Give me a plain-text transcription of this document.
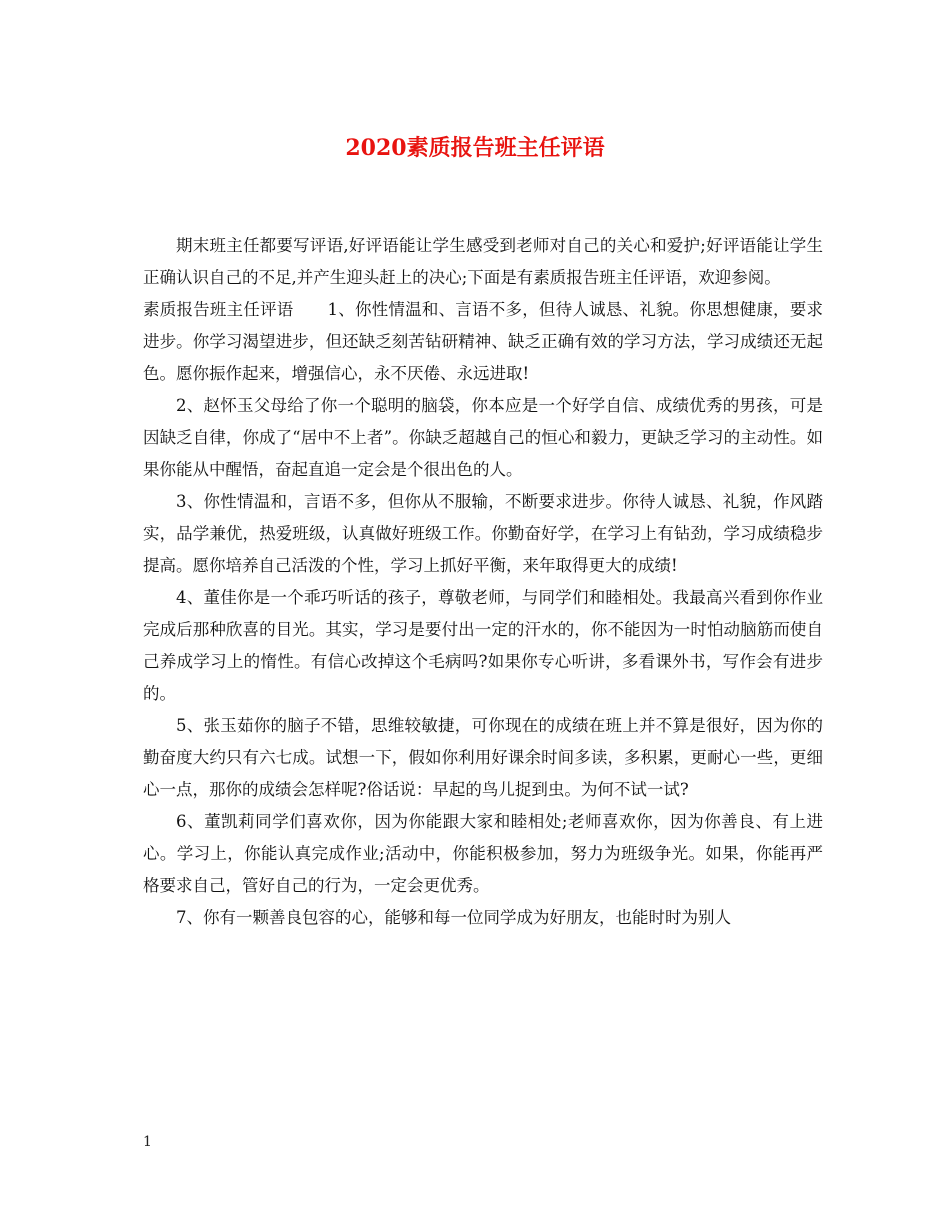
2020素质报告班主任评语

期末班主任都要写评语,好评语能让学生感受到老师对自己的关心和爱护;好评语能让学生正确认识自己的不足,并产生迎头赶上的决心;下面是有素质报告班主任评语，欢迎参阅。

素质报告班主任评语 1、你性情温和、言语不多，但待人诚恳、礼貌。你思想健康，要求进步。你学习渴望进步，但还缺乏刻苦钻研精神、缺乏正确有效的学习方法，学习成绩还无起色。愿你振作起来，增强信心，永不厌倦、永远进取!

2、赵怀玉父母给了你一个聪明的脑袋，你本应是一个好学自信、成绩优秀的男孩，可是因缺乏自律，你成了“居中不上者”。你缺乏超越自己的恒心和毅力，更缺乏学习的主动性。如果你能从中醒悟，奋起直追一定会是个很出色的人。

3、你性情温和，言语不多，但你从不服输，不断要求进步。你待人诚恳、礼貌，作风踏实，品学兼优，热爱班级，认真做好班级工作。你勤奋好学，在学习上有钻劲，学习成绩稳步提高。愿你培养自己活泼的个性，学习上抓好平衡，来年取得更大的成绩!

4、董佳你是一个乖巧听话的孩子，尊敬老师，与同学们和睦相处。我最高兴看到你作业完成后那种欣喜的目光。其实，学习是要付出一定的汗水的，你不能因为一时怕动脑筋而使自己养成学习上的惰性。有信心改掉这个毛病吗?如果你专心听讲，多看课外书，写作会有进步的。

5、张玉茹你的脑子不错，思维较敏捷，可你现在的成绩在班上并不算是很好，因为你的勤奋度大约只有六七成。试想一下，假如你利用好课余时间多读，多积累，更耐心一些，更细心一点，那你的成绩会怎样呢?俗话说：早起的鸟儿捉到虫。为何不试一试?

6、董凯莉同学们喜欢你，因为你能跟大家和睦相处;老师喜欢你，因为你善良、有上进心。学习上，你能认真完成作业;活动中，你能积极参加，努力为班级争光。如果，你能再严格要求自己，管好自己的行为，一定会更优秀。

7、你有一颗善良包容的心，能够和每一位同学成为好朋友，也能时时为别人

1
